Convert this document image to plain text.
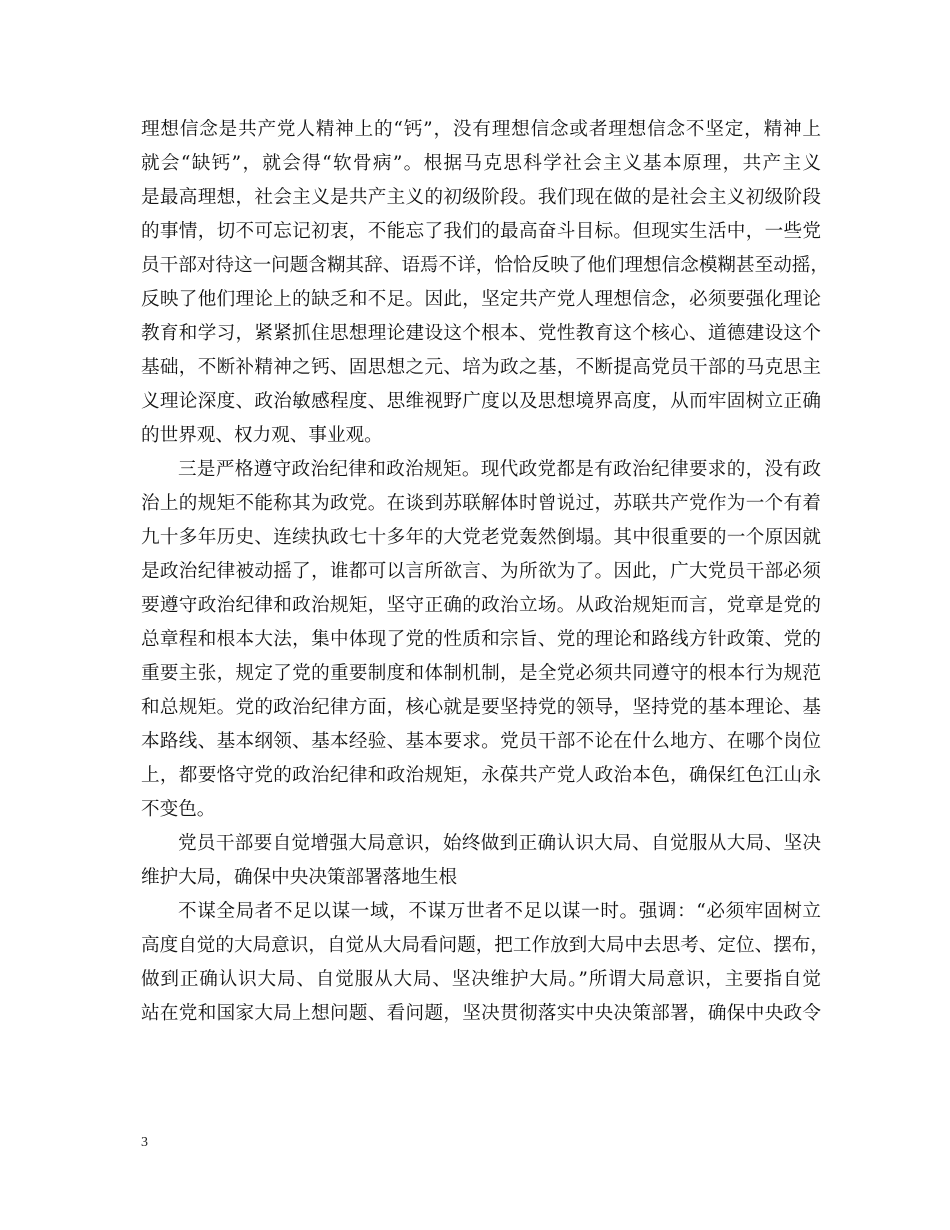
理想信念是共产党人精神上的“钙”，没有理想信念或者理想信念不坚定，精神上
就会“缺钙”，就会得“软骨病”。根据马克思科学社会主义基本原理，共产主义
是最高理想，社会主义是共产主义的初级阶段。我们现在做的是社会主义初级阶段
的事情，切不可忘记初衷，不能忘了我们的最高奋斗目标。但现实生活中，一些党
员干部对待这一问题含糊其辞、语焉不详，恰恰反映了他们理想信念模糊甚至动摇，
反映了他们理论上的缺乏和不足。因此，坚定共产党人理想信念，必须要强化理论
教育和学习，紧紧抓住思想理论建设这个根本、党性教育这个核心、道德建设这个
基础，不断补精神之钙、固思想之元、培为政之基，不断提高党员干部的马克思主
义理论深度、政治敏感程度、思维视野广度以及思想境界高度，从而牢固树立正确
的世界观、权力观、事业观。
三是严格遵守政治纪律和政治规矩。现代政党都是有政治纪律要求的，没有政
治上的规矩不能称其为政党。在谈到苏联解体时曾说过，苏联共产党作为一个有着
九十多年历史、连续执政七十多年的大党老党轰然倒塌。其中很重要的一个原因就
是政治纪律被动摇了，谁都可以言所欲言、为所欲为了。因此，广大党员干部必须
要遵守政治纪律和政治规矩，坚守正确的政治立场。从政治规矩而言，党章是党的
总章程和根本大法，集中体现了党的性质和宗旨、党的理论和路线方针政策、党的
重要主张，规定了党的重要制度和体制机制，是全党必须共同遵守的根本行为规范
和总规矩。党的政治纪律方面，核心就是要坚持党的领导，坚持党的基本理论、基
本路线、基本纲领、基本经验、基本要求。党员干部不论在什么地方、在哪个岗位
上，都要恪守党的政治纪律和政治规矩，永葆共产党人政治本色，确保红色江山永
不变色。
党员干部要自觉增强大局意识，始终做到正确认识大局、自觉服从大局、坚决
维护大局，确保中央决策部署落地生根
不谋全局者不足以谋一域，不谋万世者不足以谋一时。强调：“必须牢固树立
高度自觉的大局意识，自觉从大局看问题，把工作放到大局中去思考、定位、摆布，
做到正确认识大局、自觉服从大局、坚决维护大局。”所谓大局意识，主要指自觉
站在党和国家大局上想问题、看问题，坚决贯彻落实中央决策部署，确保中央政令
3
